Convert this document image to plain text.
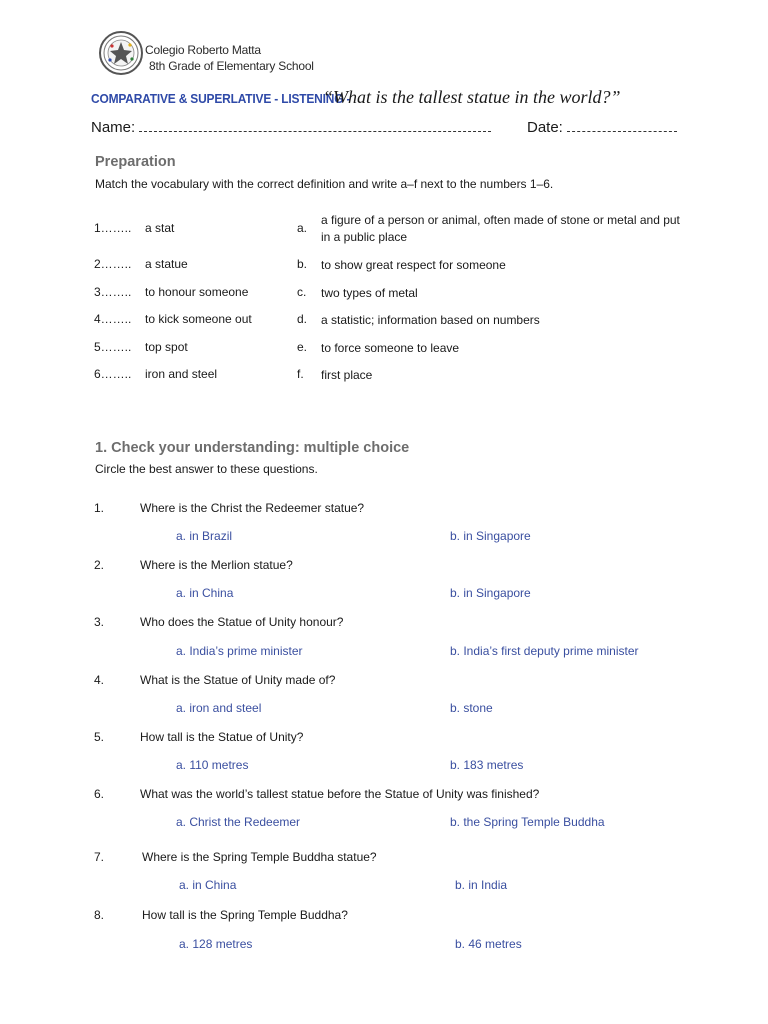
Colegio Roberto Matta
8th Grade of Elementary School
COMPARATIVE & SUPERLATIVE - LISTENING -
“What is the tallest statue in the world?”
Name:	Date:
Preparation
Match the vocabulary with the correct definition and write a–f next to the numbers 1–6.
1…….. a stat	a.
a figure of a person or animal, often made of stone or metal and put in a public place
2…….. a statue	b. to show great respect for someone
3…….. to honour someone	c. two types of metal
4…….. to kick someone out	d. a statistic; information based on numbers
5…….. top spot	e. to force someone to leave
6…….. iron and steel	f. first place
1. Check your understanding: multiple choice
Circle the best answer to these questions.
1.	Where is the Christ the Redeemer statue?
a. in Brazil	b. in Singapore
2.	Where is the Merlion statue?
a. in China	b. in Singapore
3.	Who does the Statue of Unity honour?
a. India’s prime minister	b. India’s first deputy prime minister
4.	What is the Statue of Unity made of?
a. iron and steel	b. stone
5.	How tall is the Statue of Unity?
a. 110 metres	b. 183 metres
6.	What was the world’s tallest statue before the Statue of Unity was finished?
a. Christ the Redeemer	b. the Spring Temple Buddha
7.	Where is the Spring Temple Buddha statue?
a. in China	b. in India
8.	How tall is the Spring Temple Buddha?
a. 128 metres	b. 46 metres
